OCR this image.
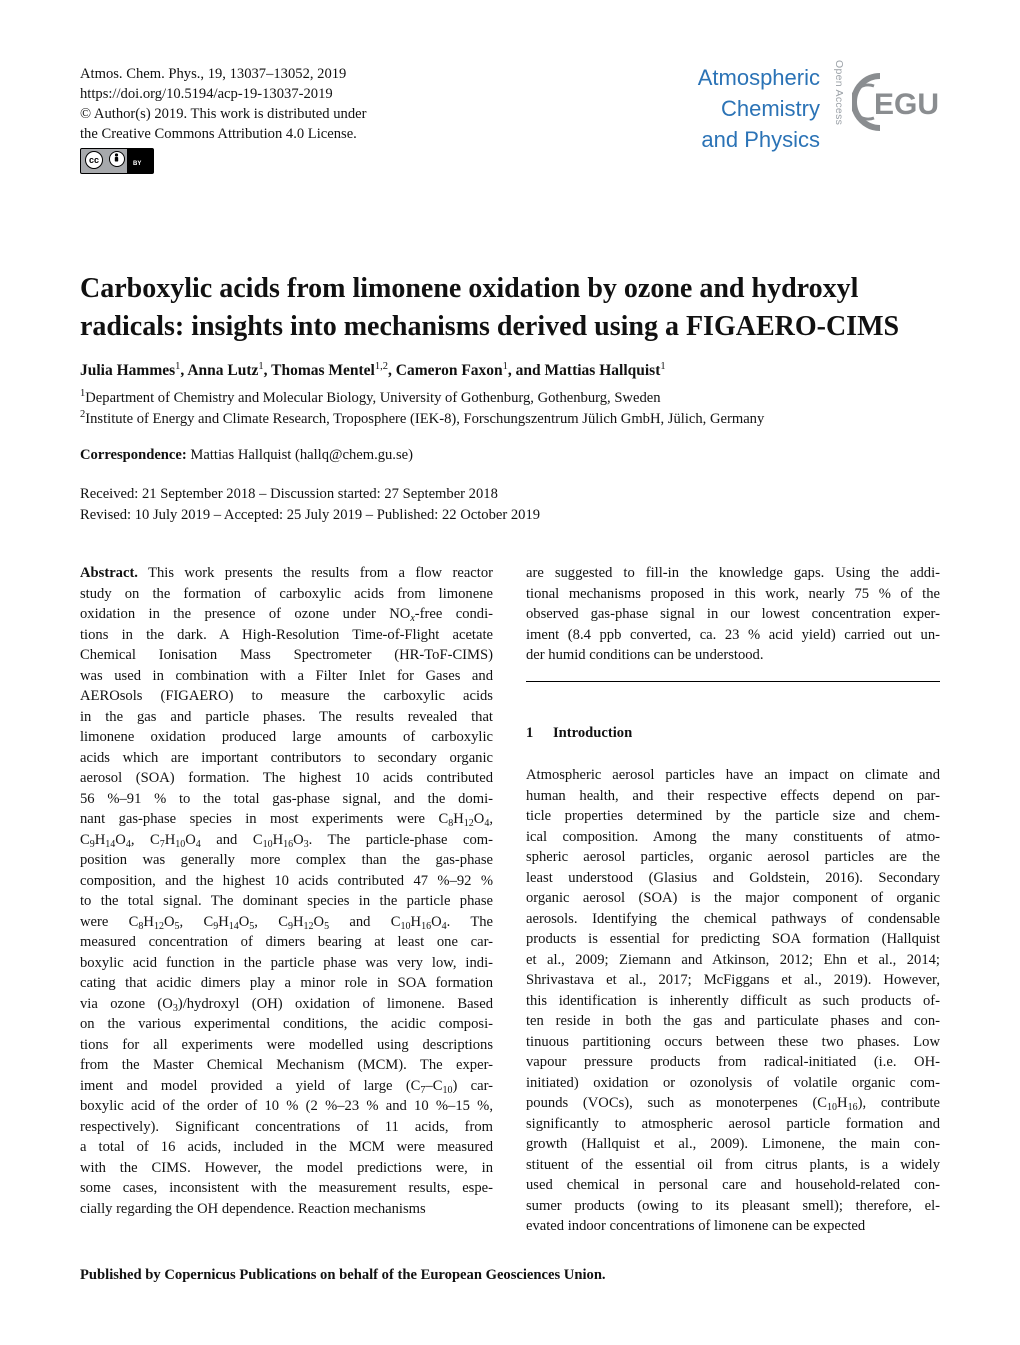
Atmos. Chem. Phys., 19, 13037–13052, 2019
https://doi.org/10.5194/acp-19-13037-2019
© Author(s) 2019. This work is distributed under
the Creative Commons Attribution 4.0 License.
cc	BY
Atmospheric
Chemistry
and Physics
Open Access EGU
Carboxylic acids from limonene oxidation by ozone and hydroxyl
radicals: insights into mechanisms derived using a FIGAERO-CIMS
Julia Hammes$^1$, Anna Lutz$^1$, Thomas Mentel$^{1,2}$, Cameron Faxon$^1$, and Mattias Hallquist$^1$
$^1$Department of Chemistry and Molecular Biology, University of Gothenburg, Gothenburg, Sweden
$^2$Institute of Energy and Climate Research, Troposphere (IEK-8), Forschungszentrum Jülich GmbH, Jülich, Germany
Correspondence: Mattias Hallquist (hallq@chem.gu.se)
Received: 21 September 2018 – Discussion started: 27 September 2018
Revised: 10 July 2019 – Accepted: 25 July 2019 – Published: 22 October 2019
Abstract. This work presents the results from a flow reactor
study on the formation of carboxylic acids from limonene
oxidation in the presence of ozone under $NO_x$-free condi-
tions in the dark. A High-Resolution Time-of-Flight acetate
Chemical Ionisation Mass Spectrometer (HR-ToF-CIMS)
was used in combination with a Filter Inlet for Gases and
AEROsols (FIGAERO) to measure the carboxylic acids
in the gas and particle phases. The results revealed that
limonene oxidation produced large amounts of carboxylic
acids which are important contributors to secondary organic
aerosol (SOA) formation. The highest 10 acids contributed
56 %–91 % to the total gas-phase signal, and the domi-
nant gas-phase species in most experiments were $C_8H_{12}O_4$,
$C_9H_{14}O_4$, $C_7H_{10}O_4$ and $C_{10}H_{16}O_3$. The particle-phase com-
position was generally more complex than the gas-phase
composition, and the highest 10 acids contributed 47 %–92 %
to the total signal. The dominant species in the particle phase
were $C_8H_{12}O_5$, $C_9H_{14}O_5$, $C_9H_{12}O_5$ and $C_{10}H_{16}O_4$. The
measured concentration of dimers bearing at least one car-
boxylic acid function in the particle phase was very low, indi-
cating that acidic dimers play a minor role in SOA formation
via ozone $(O_3)$/hydroxyl (OH) oxidation of limonene. Based
on the various experimental conditions, the acidic composi-
tions for all experiments were modelled using descriptions
from the Master Chemical Mechanism (MCM). The exper-
iment and model provided a yield of large $(C_7-C_{10})$ car-
boxylic acid of the order of 10 % (2 %–23 % and 10 %–15 %,
respectively). Significant concentrations of 11 acids, from
a total of 16 acids, included in the MCM were measured
with the CIMS. However, the model predictions were, in
some cases, inconsistent with the measurement results, espe-
cially regarding the OH dependence. Reaction mechanisms
are suggested to fill-in the knowledge gaps. Using the addi-
tional mechanisms proposed in this work, nearly 75 % of the
observed gas-phase signal in our lowest concentration exper-
iment (8.4 ppb converted, ca. 23 % acid yield) carried out un-
der humid conditions can be understood.
1 Introduction
Atmospheric aerosol particles have an impact on climate and
human health, and their respective effects depend on par-
ticle properties determined by the particle size and chem-
ical composition. Among the many constituents of atmo-
spheric aerosol particles, organic aerosol particles are the
least understood (Glasius and Goldstein, 2016). Secondary
organic aerosol (SOA) is the major component of organic
aerosols. Identifying the chemical pathways of condensable
products is essential for predicting SOA formation (Hallquist
et al., 2009; Ziemann and Atkinson, 2012; Ehn et al., 2014;
Shrivastava et al., 2017; McFiggans et al., 2019). However,
this identification is inherently difficult as such products of-
ten reside in both the gas and particulate phases and con-
tinuous partitioning occurs between these two phases. Low
vapour pressure products from radical-initiated (i.e. OH-
initiated) oxidation or ozonolysis of volatile organic com-
pounds (VOCs), such as monoterpenes $(C_{10}H_{16})$, contribute
significantly to atmospheric aerosol particle formation and
growth (Hallquist et al., 2009). Limonene, the main con-
stituent of the essential oil from citrus plants, is a widely
used chemical in personal care and household-related con-
sumer products (owing to its pleasant smell); therefore, el-
evated indoor concentrations of limonene can be expected
Published by Copernicus Publications on behalf of the European Geosciences Union.
